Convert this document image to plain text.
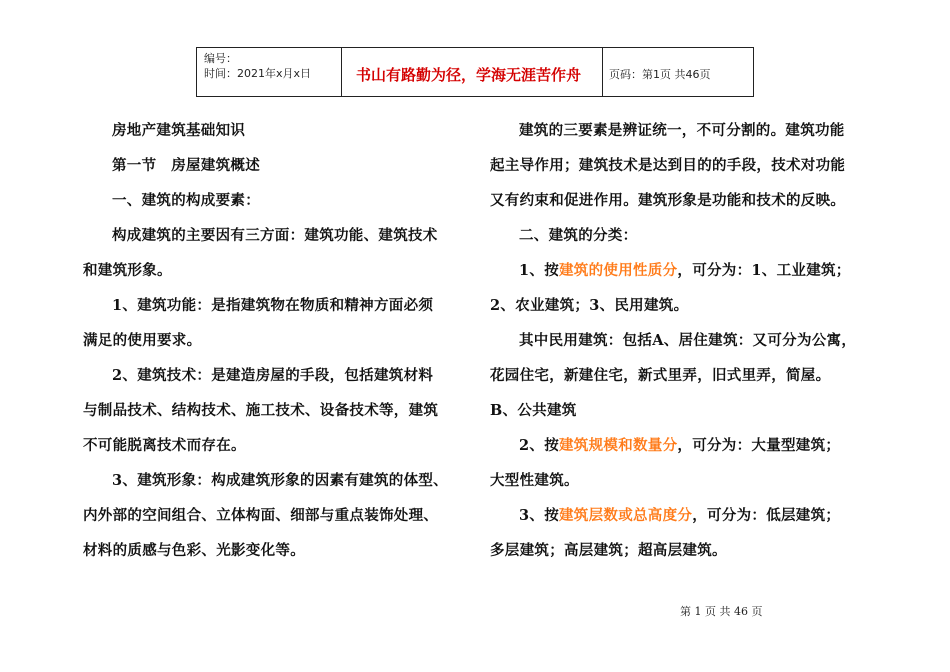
编号：
时间：2021年x月x日	书山有路勤为径，学海无涯苦作舟	页码：第1页 共46页

房地产建筑基础知识

第一节　房屋建筑概述

一、建筑的构成要素：

构成建筑的主要因有三方面：建筑功能、建筑技术

和建筑形象。

1、建筑功能：是指建筑物在物质和精神方面必须

满足的使用要求。

2、建筑技术：是建造房屋的手段，包括建筑材料

与制品技术、结构技术、施工技术、设备技术等，建筑

不可能脱离技术而存在。

3、建筑形象：构成建筑形象的因素有建筑的体型、

内外部的空间组合、立体构面、细部与重点装饰处理、

材料的质感与色彩、光影变化等。

建筑的三要素是辨证统一，不可分割的。建筑功能

起主导作用；建筑技术是达到目的的手段，技术对功能

又有约束和促进作用。建筑形象是功能和技术的反映。

二、建筑的分类：

1、按建筑的使用性质分，可分为：1、工业建筑；

2、农业建筑；3、民用建筑。

其中民用建筑：包括A、居住建筑：又可分为公寓，

花园住宅，新建住宅，新式里弄，旧式里弄，简屋。

B、公共建筑

2、按建筑规模和数量分，可分为：大量型建筑；

大型性建筑。

3、按建筑层数或总高度分，可分为：低层建筑；

多层建筑；高层建筑；超高层建筑。

第 1 页 共 46 页
